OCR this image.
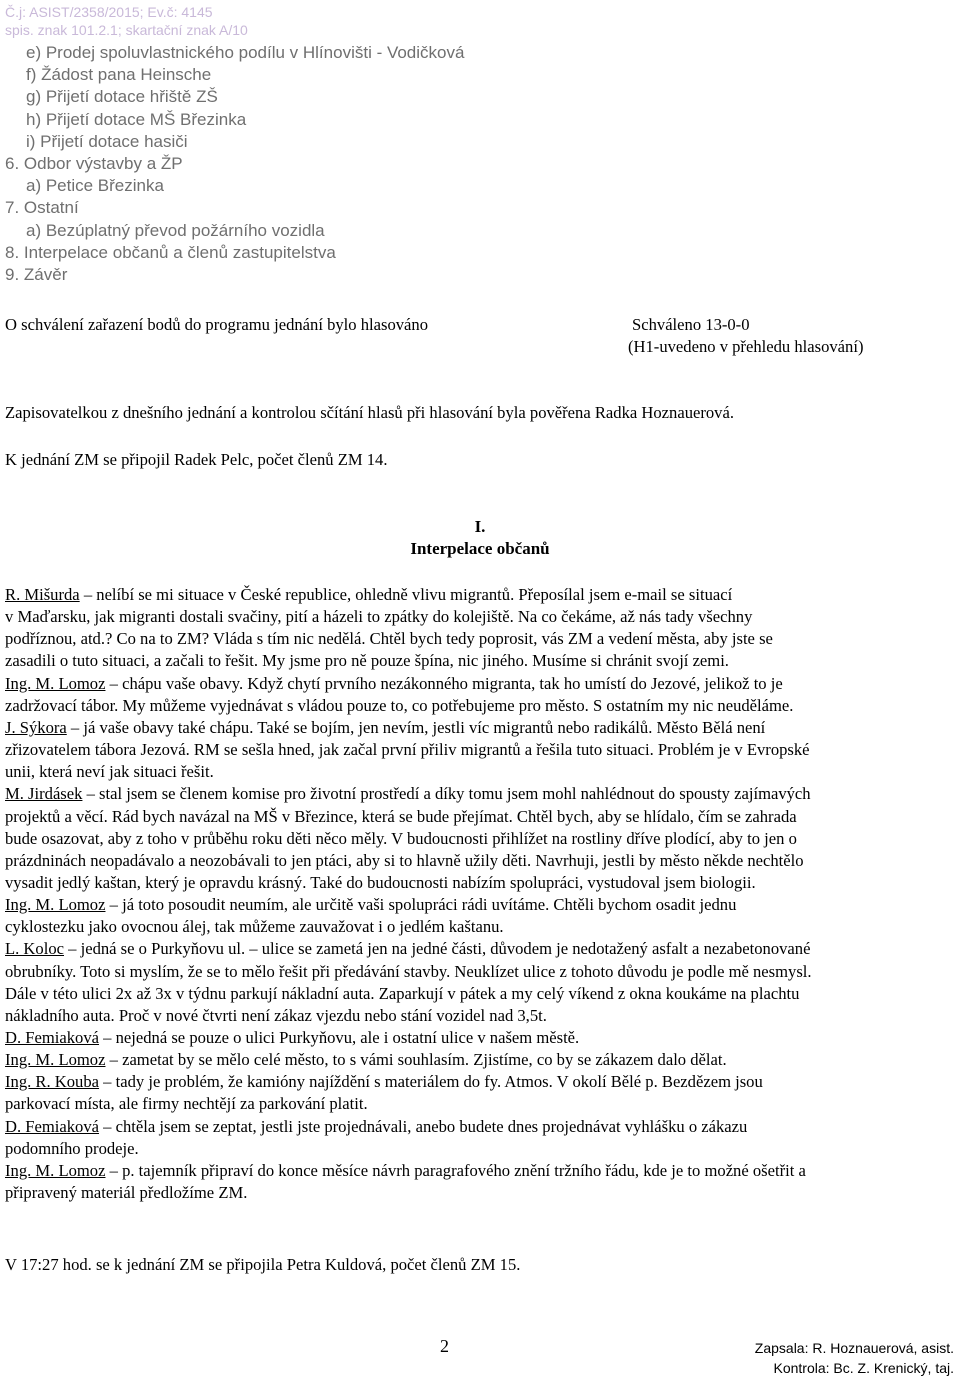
Č.j: ASIST/2358/2015; Ev.č: 4145
spis. znak 101.2.1; skartační znak A/10
e) Prodej spoluvlastnického podílu v Hlínovišti - Vodičková
f) Žádost pana Heinsche
g) Přijetí dotace hřiště ZŠ
h) Přijetí dotace MŠ Březinka
i) Přijetí dotace hasiči
6. Odbor výstavby a ŽP
a) Petice Březinka
7. Ostatní
a) Bezúplatný převod požárního vozidla
8. Interpelace občanů a členů zastupitelstva
9. Závěr
O schválení zařazení bodů do programu jednání bylo hlasováno	Schváleno 13-0-0
(H1-uvedeno v přehledu hlasování)
Zapisovatelkou z dnešního jednání a kontrolou sčítání hlasů při hlasování byla pověřena Radka Hoznauerová.
K jednání ZM se připojil Radek Pelc, počet členů ZM 14.
I.
Interpelace občanů
R. Mišurda – nelíbí se mi situace v České republice, ohledně vlivu migrantů. Přeposílal jsem e-mail se situací
v Maďarsku, jak migranti dostali svačiny, pití a házeli to zpátky do kolejiště. Na co čekáme, až nás tady všechny
podříznou, atd.? Co na to ZM? Vláda s tím nic nedělá. Chtěl bych tedy poprosit, vás ZM a vedení města, aby jste se
zasadili o tuto situaci, a začali to řešit. My jsme pro ně pouze špína, nic jiného. Musíme si chránit svojí zemi.
Ing. M. Lomoz – chápu vaše obavy. Když chytí prvního nezákonného migranta, tak ho umístí do Jezové, jelikož to je
zadržovací tábor. My můžeme vyjednávat s vládou pouze to, co potřebujeme pro město. S ostatním my nic neuděláme.
J. Sýkora – já vaše obavy také chápu. Také se bojím, jen nevím, jestli víc migrantů nebo radikálů. Město Bělá není
zřizovatelem tábora Jezová. RM se sešla hned, jak začal první přiliv migrantů a řešila tuto situaci. Problém je v Evropské
unii, která neví jak situaci řešit.
M. Jirdásek – stal jsem se členem komise pro životní prostředí a díky tomu jsem mohl nahlédnout do spousty zajímavých
projektů a věcí. Rád bych navázal na MŠ v Březince, která se bude přejímat. Chtěl bych, aby se hlídalo, čím se zahrada
bude osazovat, aby z toho v průběhu roku děti něco měly. V budoucnosti přihlížet na rostliny dříve plodící, aby to jen o
prázdninách neopadávalo a neozobávali to jen ptáci, aby si to hlavně užily děti. Navrhuji, jestli by město někde nechtělo
vysadit jedlý kaštan, který je opravdu krásný. Také do budoucnosti nabízím spolupráci, vystudoval jsem biologii.
Ing. M. Lomoz – já toto posoudit neumím, ale určitě vaši spolupráci rádi uvítáme. Chtěli bychom osadit jednu
cyklostezku jako ovocnou álej, tak můžeme zauvažovat i o jedlém kaštanu.
L. Koloc – jedná se o Purkyňovu ul. – ulice se zametá jen na jedné části, důvodem je nedotažený asfalt a nezabetonované
obrubníky. Toto si myslím, že se to mělo řešit při předávání stavby. Neuklízet ulice z tohoto důvodu je podle mě nesmysl.
Dále v této ulici 2x až 3x v týdnu parkují nákladní auta. Zaparkují v pátek a my celý víkend z okna koukáme na plachtu
nákladního auta. Proč v nové čtvrti není zákaz vjezdu nebo stání vozidel nad 3,5t.
D. Femiaková – nejedná se pouze o ulici Purkyňovu, ale i ostatní ulice v našem městě.
Ing. M. Lomoz – zametat by se mělo celé město, to s vámi souhlasím. Zjistíme, co by se zákazem dalo dělat.
Ing. R. Kouba – tady je problém, že kamióny najíždění s materiálem do fy. Atmos. V okolí Bělé p. Bezdězem jsou
parkovací místa, ale firmy nechtějí za parkování platit.
D. Femiaková – chtěla jsem se zeptat, jestli jste projednávali, anebo budete dnes projednávat vyhlášku o zákazu
podomního prodeje.
Ing. M. Lomoz – p. tajemník připraví do konce měsíce návrh paragrafového znění tržního řádu, kde je to možné ošetřit a
připravený materiál předložíme ZM.
V 17:27 hod. se k jednání ZM se připojila Petra Kuldová, počet členů ZM 15.
2	Zapsala: R. Hoznauerová, asist.
Kontrola: Bc. Z. Krenický, taj.
